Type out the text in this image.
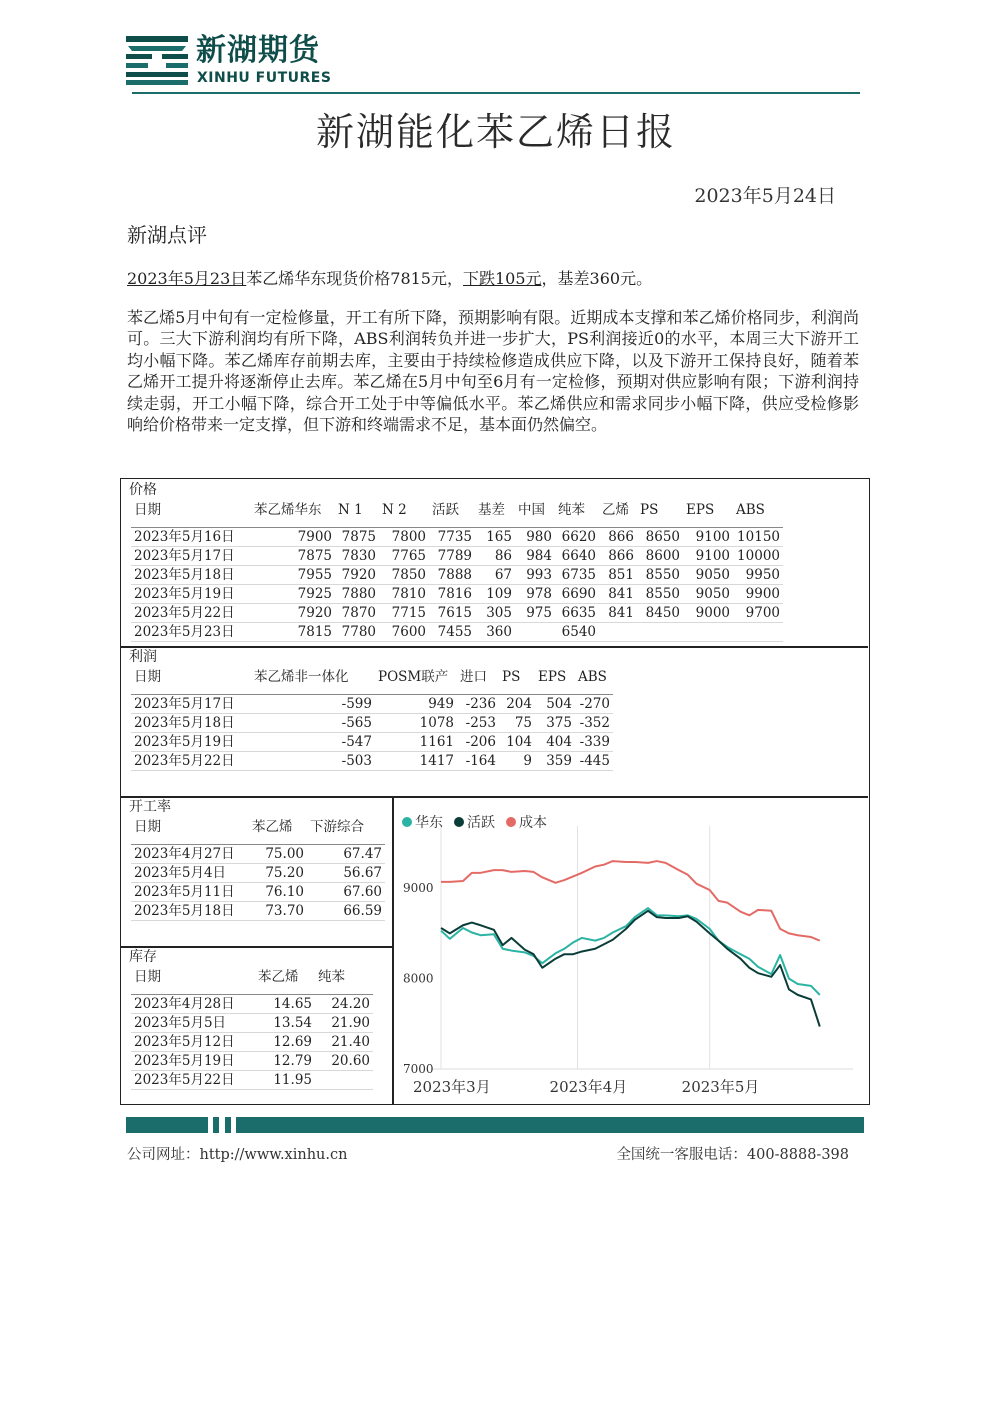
新湖期货
XINHU FUTURES
新湖能化苯乙烯日报
2023年5月24日
新湖点评
2023年5月23日苯乙烯华东现货价格7815元，下跌105元，基差360元。
苯乙烯5月中旬有一定检修量，开工有所下降，预期影响有限。近期成本支撑和苯乙烯价格同步，利润尚可。三大下游利润均有所下降，ABS利润转负并进一步扩大，PS利润接近0的水平，本周三大下游开工均小幅下降。苯乙烯库存前期去库，主要由于持续检修造成供应下降，以及下游开工保持良好，随着苯乙烯开工提升将逐渐停止去库。苯乙烯在5月中旬至6月有一定检修，预期对供应影响有限；下游利润持续走弱，开工小幅下降，综合开工处于中等偏低水平。苯乙烯供应和需求同步小幅下降，供应受检修影响给价格带来一定支撑，但下游和终端需求不足，基本面仍然偏空。
价格
日期	苯乙烯华东	N 1	N 2	活跃	基差	中国	纯苯	乙烯	PS	EPS	ABS

2023年5月16日	7900	7875	7800	7735	165	980	6620	866	8650	9100	10150
2023年5月17日	7875	7830	7765	7789	86	984	6640	866	8600	9100	10000
2023年5月18日	7955	7920	7850	7888	67	993	6735	851	8550	9050	9950
2023年5月19日	7925	7880	7810	7816	109	978	6690	841	8550	9050	9900
2023年5月22日	7920	7870	7715	7615	305	975	6635	841	8450	9000	9700
2023年5月23日	7815	7780	7600	7455	360		6540				
利润
日期	苯乙烯非一体化	POSM联产	进口	PS	EPS	ABS

2023年5月17日	-599	949	-236	204	504	-270
2023年5月18日	-565	1078	-253	75	375	-352
2023年5月19日	-547	1161	-206	104	404	-339
2023年5月22日	-503	1417	-164	9	359	-445
开工率
日期	苯乙烯	下游综合

2023年4月27日	75.00	67.47
2023年5月4日	75.20	56.67
2023年5月11日	76.10	67.60
2023年5月18日	73.70	66.59
库存
日期	苯乙烯	纯苯

2023年4月28日	14.65	24.20
2023年5月5日	13.54	21.90
2023年5月12日	12.69	21.40
2023年5月19日	12.79	20.60
2023年5月22日	11.95	
华东 活跃 成本
7000
8000
9000
2023年3月	2023年4月	2023年5月
公司网址：http://www.xinhu.cn	全国统一客服电话：400-8888-398
